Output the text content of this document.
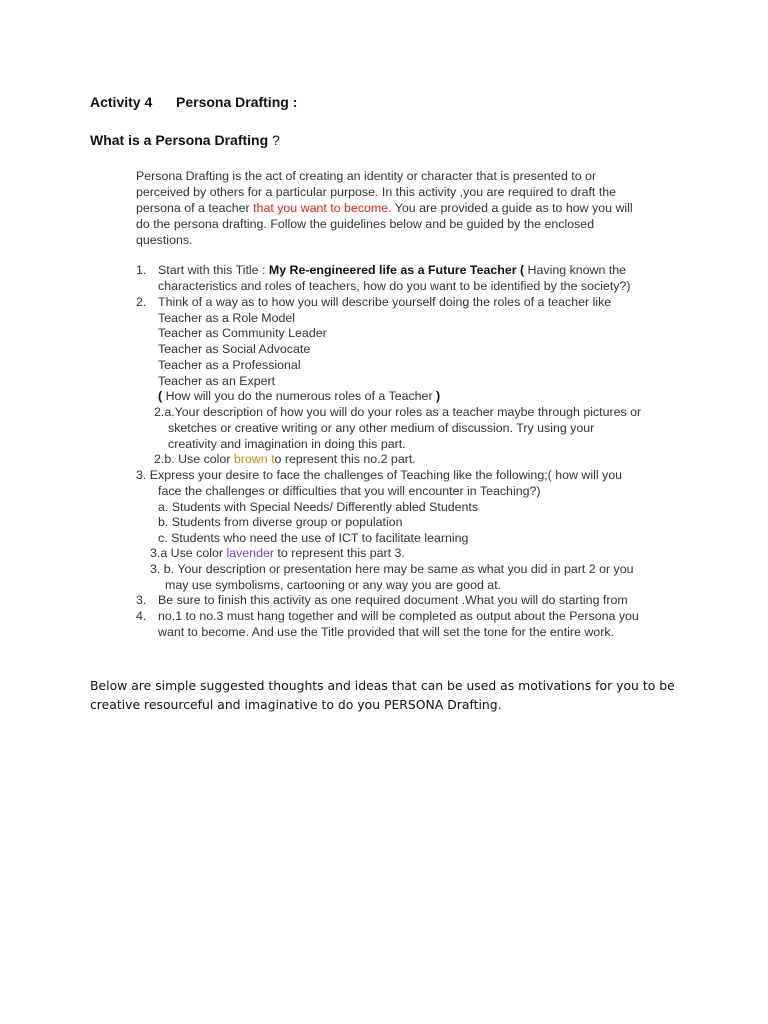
Activity 4 Persona Drafting :
What is a Persona Drafting ?
Persona Drafting is the act of creating an identity or character that is presented to or
perceived by others for a particular purpose. In this activity ,you are required to draft the
persona of a teacher that you want to become. You are provided a guide as to how you will
do the persona drafting. Follow the guidelines below and be guided by the enclosed
questions.
1. Start with this Title : My Re-engineered life as a Future Teacher ( Having known the
characteristics and roles of teachers, how do you want to be identified by the society?)
2. Think of a way as to how you will describe yourself doing the roles of a teacher like
Teacher as a Role Model
Teacher as Community Leader
Teacher as Social Advocate
Teacher as a Professional
Teacher as an Expert
( How will you do the numerous roles of a Teacher )
2.a.Your description of how you will do your roles as a teacher maybe through pictures or
sketches or creative writing or any other medium of discussion. Try using your
creativity and imagination in doing this part.
2.b. Use color brown to represent this no.2 part.
3. Express your desire to face the challenges of Teaching like the following;( how will you
face the challenges or difficulties that you will encounter in Teaching?)
a. Students with Special Needs/ Differently abled Students
b. Students from diverse group or population
c. Students who need the use of ICT to facilitate learning
3.a Use color lavender to represent this part 3.
3. b. Your description or presentation here may be same as what you did in part 2 or you
may use symbolisms, cartooning or any way you are good at.
3. Be sure to finish this activity as one required document .What you will do starting from
4. no.1 to no.3 must hang together and will be completed as output about the Persona you
want to become. And use the Title provided that will set the tone for the entire work.
Below are simple suggested thoughts and ideas that can be used as motivations for you to be
creative resourceful and imaginative to do you PERSONA Drafting.
